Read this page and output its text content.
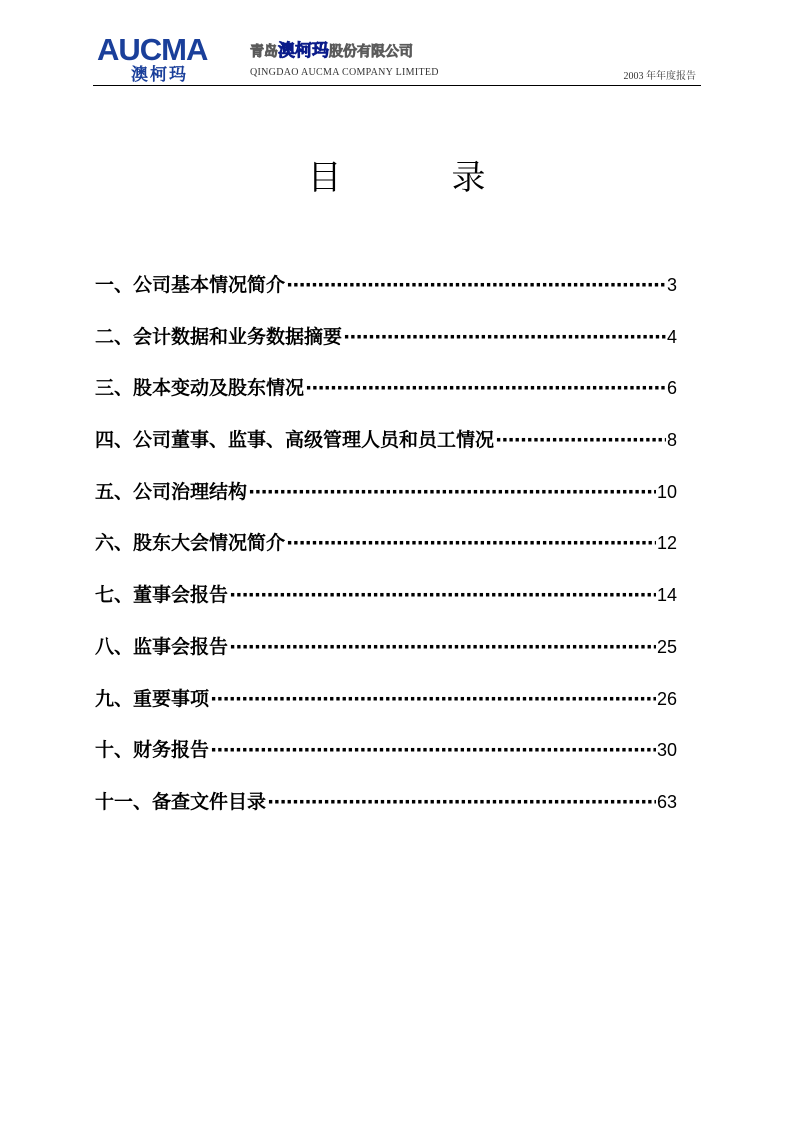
AUCMA
澳柯玛
青岛澳柯玛股份有限公司
QINGDAO AUCMA COMPANY LIMITED	2003 年年度报告
目	录
一、公司基本情况简介 ·····	3
二、会计数据和业务数据摘要 ·····	4
三、股本变动及股东情况 ·····	6
四、公司董事、监事、高级管理人员和员工情况 ·····	8
五、公司治理结构 ·····	10
六、股东大会情况简介 ·····	12
七、董事会报告 ·····	14
八、监事会报告 ·····	25
九、重要事项 ·····	26
十、财务报告 ·····	30
十一、备查文件目录 ·····	63
